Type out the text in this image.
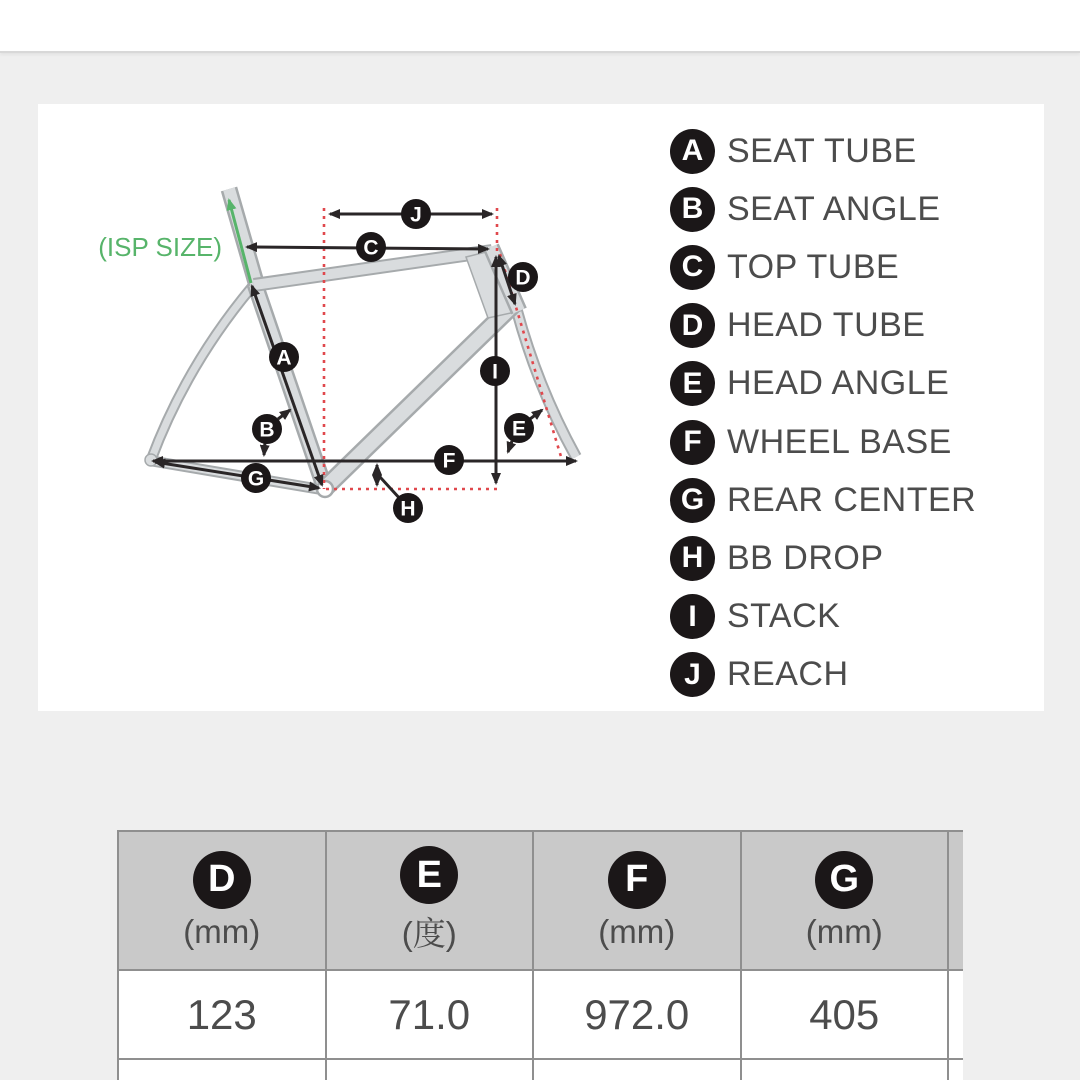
(ISP SIZE)
A
B
C
D
E
F
G
H
I
J
A SEAT TUBE
B SEAT ANGLE
C TOP TUBE
D HEAD TUBE
E HEAD ANGLE
F WHEEL BASE
G REAR CENTER
H BB DROP
I STACK
J REACH
D
(mm)

E
(度)

F
(mm)

G
(mm)

123	71.0	972.0	405	
